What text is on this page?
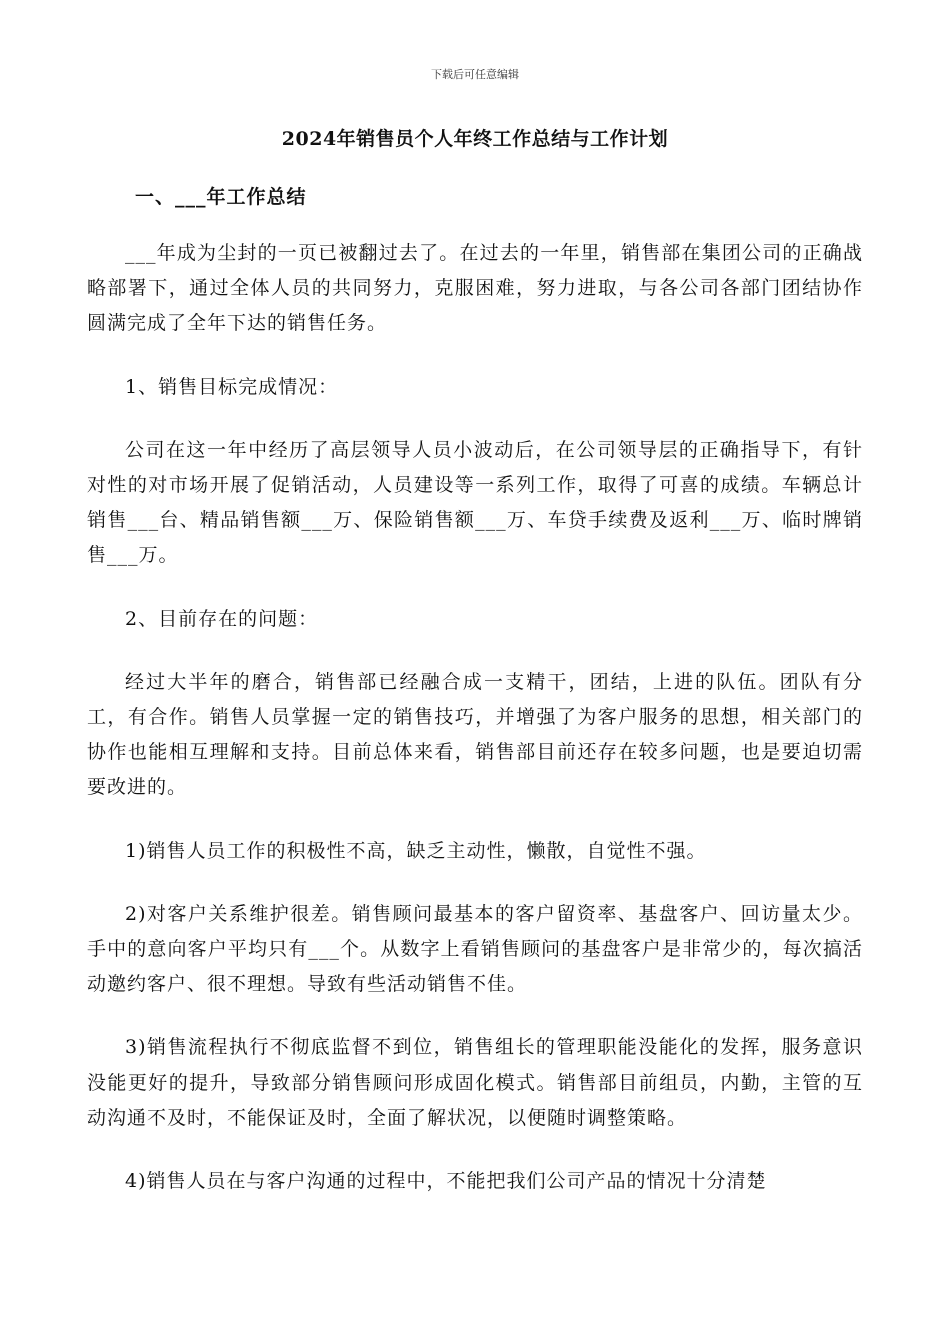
下载后可任意编辑
2024年销售员个人年终工作总结与工作计划
一、___年工作总结

___年成为尘封的一页已被翻过去了。在过去的一年里，销售部在集团公司的正确战略部署下，通过全体人员的共同努力，克服困难，努力进取，与各公司各部门团结协作圆满完成了全年下达的销售任务。

1、销售目标完成情况：

公司在这一年中经历了高层领导人员小波动后，在公司领导层的正确指导下，有针对性的对市场开展了促销活动，人员建设等一系列工作，取得了可喜的成绩。车辆总计销售___台、精品销售额___万、保险销售额___万、车贷手续费及返利___万、临时牌销售___万。

2、目前存在的问题：

经过大半年的磨合，销售部已经融合成一支精干，团结，上进的队伍。团队有分工，有合作。销售人员掌握一定的销售技巧，并增强了为客户服务的思想，相关部门的协作也能相互理解和支持。目前总体来看，销售部目前还存在较多问题，也是要迫切需要改进的。

1)销售人员工作的积极性不高，缺乏主动性，懒散，自觉性不强。

2)对客户关系维护很差。销售顾问最基本的客户留资率、基盘客户、回访量太少。手中的意向客户平均只有___个。从数字上看销售顾问的基盘客户是非常少的，每次搞活动邀约客户、很不理想。导致有些活动销售不佳。

3)销售流程执行不彻底监督不到位，销售组长的管理职能没能化的发挥，服务意识没能更好的提升，导致部分销售顾问形成固化模式。销售部目前组员，内勤，主管的互动沟通不及时，不能保证及时，全面了解状况，以便随时调整策略。

4)销售人员在与客户沟通的过程中，不能把我们公司产品的情况十分清楚
